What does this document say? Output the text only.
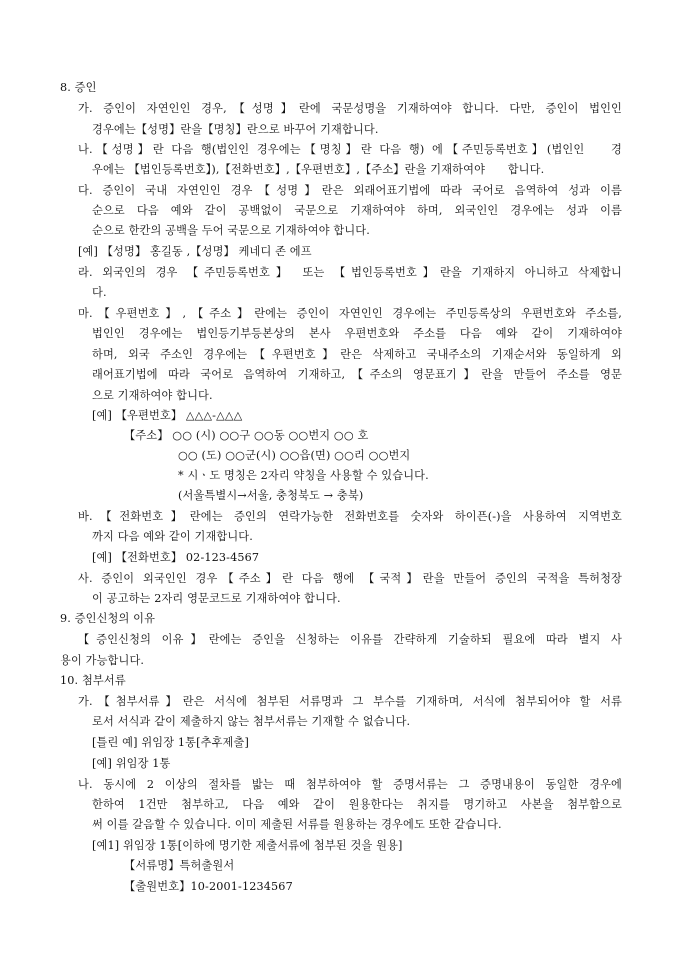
8. 증인
가. 증인이 자연인인 경우,【성명】란에 국문성명을 기재하여야 합니다. 다만, 증인이 법인인
경우에는【성명】란을【명칭】란으로 바꾸어 기재합니다.
나.【성명】란 다음 행(법인인 경우에는【명칭】란 다음 행) 에【주민등록번호】(법인인　 경
우에는 【법인등록번호】),【전화번호】,【우편번호】,【주소】란을 기재하여야　　합니다.
다. 증인이 국내 자연인인 경우【성명】란은 외래어표기법에 따라 국어로 음역하여 성과 이름
순으로 다음 예와 같이 공백없이 국문으로 기재하여야 하며, 외국인인 경우에는 성과 이름
순으로 한칸의 공백을 두어 국문으로 기재하여야 합니다.
[예] 【성명】 홍길동 ,【성명】 케네디 존 에프
라. 외국인의 경우 【주민등록번호】 또는 【법인등록번호】란을 기재하지 아니하고 삭제합니
다.
마.【우편번호】,【주소】란에는 증인이 자연인인 경우에는 주민등록상의 우편번호와 주소를,
법인인 경우에는 법인등기부등본상의 본사 우편번호와 주소를 다음 예와 같이 기재하여야
하며, 외국 주소인 경우에는【우편번호】란은 삭제하고 국내주소의 기재순서와 동일하게 외
래어표기법에 따라 국어로 음역하여 기재하고,【주소의 영문표기】란을 만들어 주소를 영문
으로 기재하여야 합니다.
[예] 【우편번호】 △△△-△△△
【주소】 ○○ (시) ○○구 ○○동 ○○번지 ○○ 호
○○ (도) ○○군(시) ○○읍(면) ○○리 ○○번지
* 시ㆍ도 명칭은 2자리 약칭을 사용할 수 있습니다.
(서울특별시→서울, 충청북도 → 충북)
바.【전화번호】란에는 증인의 연락가능한 전화번호를 숫자와 하이픈(-)을 사용하여 지역번호
까지 다음 예와 같이 기재합니다.
[예] 【전화번호】 02-123-4567
사. 증인이 외국인인 경우【주소】란 다음 행에 【국적】란을 만들어 증인의 국적을 특허청장
이 공고하는 2자리 영문코드로 기재하여야 합니다.
9. 증인신청의 이유
【증인신청의 이유】란에는 증인을 신청하는 이유를 간략하게 기술하되 필요에 따라 별지 사
용이 가능합니다.
10. 첨부서류
가.【첨부서류】란은 서식에 첨부된 서류명과 그 부수를 기재하며, 서식에 첨부되어야 할 서류
로서 서식과 같이 제출하지 않는 첨부서류는 기재할 수 없습니다.
[틀린 예] 위임장 1통[추후제출]
[예] 위임장 1통
나. 동시에 2 이상의 절차를 밟는 때 첨부하여야 할 증명서류는 그 증명내용이 동일한 경우에
한하여 1건만 첨부하고, 다음 예와 같이 원용한다는 취지를 명기하고 사본을 첨부함으로
써 이를 갈음할 수 있습니다. 이미 제출된 서류를 원용하는 경우에도 또한 같습니다.
[예1] 위임장 1통[이하에 명기한 제출서류에 첨부된 것을 원용]
【서류명】특허출원서
【출원번호】10-2001-1234567
